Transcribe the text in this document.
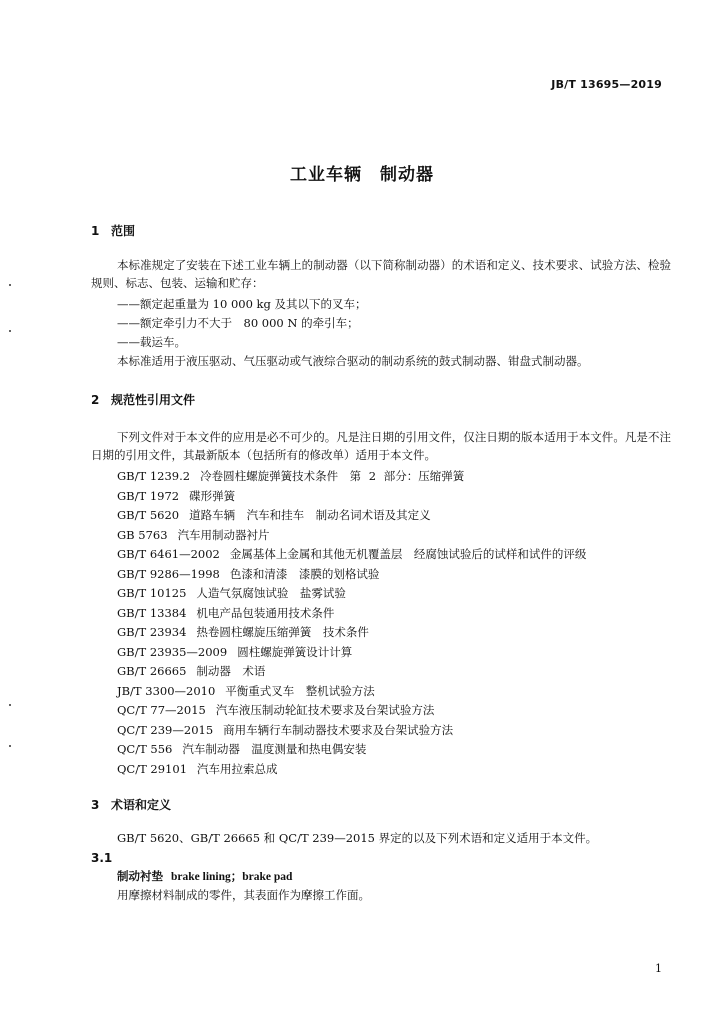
JB/T 13695—2019
工业车辆　制动器
1 范围
本标准规定了安装在下述工业车辆上的制动器（以下简称制动器）的术语和定义、技术要求、试验方法、检验规则、标志、包装、运输和贮存：
——额定起重量为 10 000 kg 及其以下的叉车；
——额定牵引力不大于　80 000 N 的牵引车；
——载运车。
本标准适用于液压驱动、气压驱动或气液综合驱动的制动系统的鼓式制动器、钳盘式制动器。
2 规范性引用文件
下列文件对于本文件的应用是必不可少的。凡是注日期的引用文件，仅注日期的版本适用于本文件。凡是不注日期的引用文件，其最新版本（包括所有的修改单）适用于本文件。
GB/T 1239.2 冷卷圆柱螺旋弹簧技术条件　第 2 部分：压缩弹簧
GB/T 1972 碟形弹簧
GB/T 5620 道路车辆　汽车和挂车　制动名词术语及其定义
GB 5763 汽车用制动器衬片
GB/T 6461—2002 金属基体上金属和其他无机覆盖层　经腐蚀试验后的试样和试件的评级
GB/T 9286—1998 色漆和清漆　漆膜的划格试验
GB/T 10125 人造气氛腐蚀试验　盐雾试验
GB/T 13384 机电产品包装通用技术条件
GB/T 23934 热卷圆柱螺旋压缩弹簧　技术条件
GB/T 23935—2009 圆柱螺旋弹簧设计计算
GB/T 26665 制动器　术语
JB/T 3300—2010 平衡重式叉车　整机试验方法
QC/T 77—2015 汽车液压制动轮缸技术要求及台架试验方法
QC/T 239—2015 商用车辆行车制动器技术要求及台架试验方法
QC/T 556 汽车制动器　温度测量和热电偶安装
QC/T 29101 汽车用拉索总成
3 术语和定义
GB/T 5620、GB/T 26665 和 QC/T 239—2015 界定的以及下列术语和定义适用于本文件。
3.1
制动衬垫 brake lining；brake pad
用摩擦材料制成的零件，其表面作为摩擦工作面。
1
